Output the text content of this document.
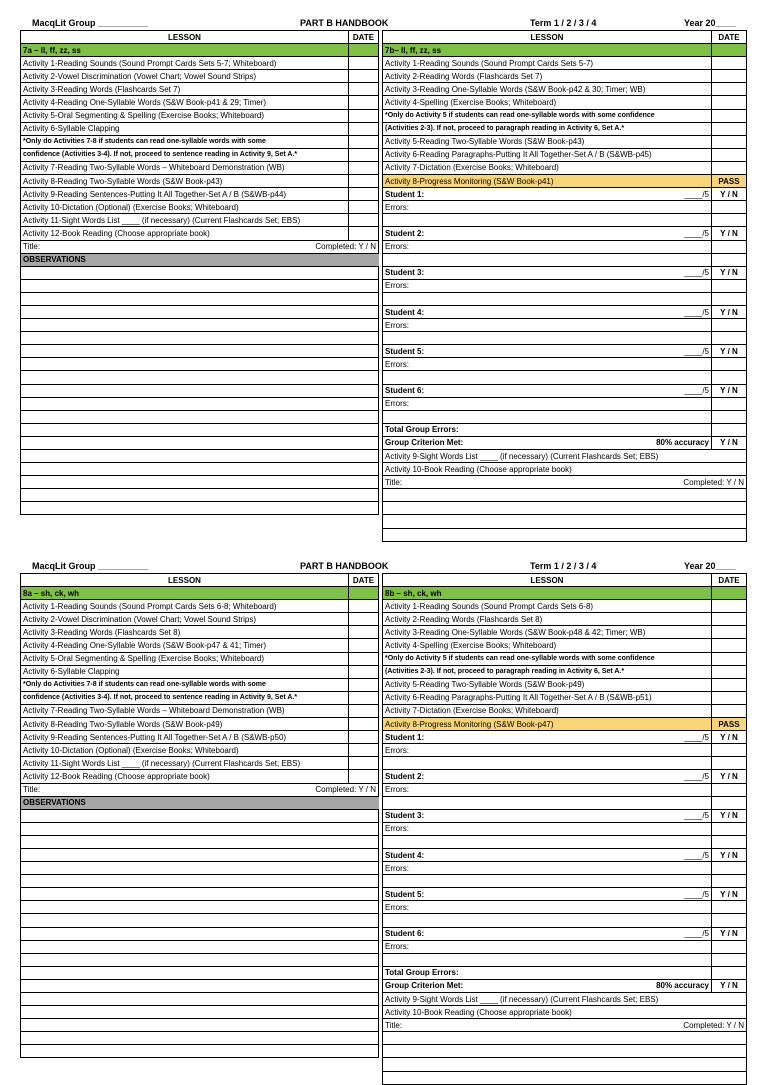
MacqLit Group __________	PART B HANDBOOK	Term 1 / 2 / 3 / 4	Year 20____
LESSON	DATE
7a – ll, ff, zz, ss	
Activity 1-Reading Sounds (Sound Prompt Cards Sets 5-7; Whiteboard)	
Activity 2-Vowel Discrimination (Vowel Chart; Vowel Sound Strips)	
Activity 3-Reading Words (Flashcards Set 7)	
Activity 4-Reading One-Syllable Words (S&W Book-p41 & 29; Timer)	
Activity 5-Oral Segmenting & Spelling (Exercise Books; Whiteboard)	
Activity 6-Syllable Clapping	
*Only do Activities 7-8 if students can read one-syllable words with some	
confidence (Activities 3-4). If not, proceed to sentence reading in Activity 9, Set A.*	
Activity 7-Reading Two-Syllable Words – Whiteboard Demonstration (WB)	
Activity 8-Reading Two-Syllable Words (S&W Book-p43)	
Activity 9-Reading Sentences-Putting It All Together-Set A / B (S&WB-p44)	
Activity 10-Dictation (Optional) (Exercise Books; Whiteboard)	
Activity 11-Sight Words List ____ (if necessary) (Current Flashcards Set; EBS)	
Activity 12-Book Reading (Choose appropriate book)	
Title: Completed: Y / N	

OBSERVATIONS	

LESSON	DATE
7b– ll, ff, zz, ss	
Activity 1-Reading Sounds (Sound Prompt Cards Sets 5-7)	
Activity 2-Reading Words (Flashcards Set 7)	
Activity 3-Reading One-Syllable Words (S&W Book-p42 & 30; Timer; WB)	
Activity 4-Spelling (Exercise Books; Whiteboard)	
*Only do Activity 5 if students can read one-syllable words with some confidence	
(Activities 2-3). If not, proceed to paragraph reading in Activity 6, Set A.*	
Activity 5-Reading Two-Syllable Words (S&W Book-p43)	
Activity 6-Reading Paragraphs-Putting It All Together-Set A / B (S&WB-p45)	
Activity 7-Dictation (Exercise Books; Whiteboard)	
Activity 8-Progress Monitoring (S&W Book-p41)	PASS
Student 1: ____/5	Y / N
Errors:	

Student 2: ____/5	Y / N
Errors:	

Student 3: ____/5	Y / N
Errors:	

Student 4: ____/5	Y / N
Errors:	

Student 5: ____/5	Y / N
Errors:	

Student 6: ____/5	Y / N
Errors:	

Total Group Errors:	
Group Criterion Met: 80% accuracy	Y / N
Activity 9-Sight Words List ____ (if necessary) (Current Flashcards Set; EBS)	
Activity 10-Book Reading (Choose appropriate book)	
Title: Completed: Y / N	

MacqLit Group __________	PART B HANDBOOK	Term 1 / 2 / 3 / 4	Year 20____
LESSON	DATE
8a – sh, ck, wh	
Activity 1-Reading Sounds (Sound Prompt Cards Sets 6-8; Whiteboard)	
Activity 2-Vowel Discrimination (Vowel Chart; Vowel Sound Strips)	
Activity 3-Reading Words (Flashcards Set 8)	
Activity 4-Reading One-Syllable Words (S&W Book-p47 & 41; Timer)	
Activity 5-Oral Segmenting & Spelling (Exercise Books; Whiteboard)	
Activity 6-Syllable Clapping	
*Only do Activities 7-8 if students can read one-syllable words with some	
confidence (Activities 3-4). If not, proceed to sentence reading in Activity 9, Set A.*	
Activity 7-Reading Two-Syllable Words – Whiteboard Demonstration (WB)	
Activity 8-Reading Two-Syllable Words (S&W Book-p49)	
Activity 9-Reading Sentences-Putting It All Together-Set A / B (S&WB-p50)	
Activity 10-Dictation (Optional) (Exercise Books; Whiteboard)	
Activity 11-Sight Words List ____ (if necessary) (Current Flashcards Set; EBS)	
Activity 12-Book Reading (Choose appropriate book)	
Title: Completed: Y / N	

OBSERVATIONS	

LESSON	DATE
8b – sh, ck, wh	
Activity 1-Reading Sounds (Sound Prompt Cards Sets 6-8)	
Activity 2-Reading Words (Flashcards Set 8)	
Activity 3-Reading One-Syllable Words (S&W Book-p48 & 42; Timer; WB)	
Activity 4-Spelling (Exercise Books; Whiteboard)	
*Only do Activity 5 if students can read one-syllable words with some confidence	
(Activities 2-3). If not, proceed to paragraph reading in Activity 6, Set A.*	
Activity 5-Reading Two-Syllable Words (S&W Book-p49)	
Activity 6-Reading Paragraphs-Putting It All Together-Set A / B (S&WB-p51)	
Activity 7-Dictation (Exercise Books; Whiteboard)	
Activity 8-Progress Monitoring (S&W Book-p47)	PASS
Student 1: ____/5	Y / N
Errors:	

Student 2: ____/5	Y / N
Errors:	

Student 3: ____/5	Y / N
Errors:	

Student 4: ____/5	Y / N
Errors:	

Student 5: ____/5	Y / N
Errors:	

Student 6: ____/5	Y / N
Errors:	

Total Group Errors:	
Group Criterion Met: 80% accuracy	Y / N
Activity 9-Sight Words List ____ (if necessary) (Current Flashcards Set; EBS)	
Activity 10-Book Reading (Choose appropriate book)	
Title: Completed: Y / N	
